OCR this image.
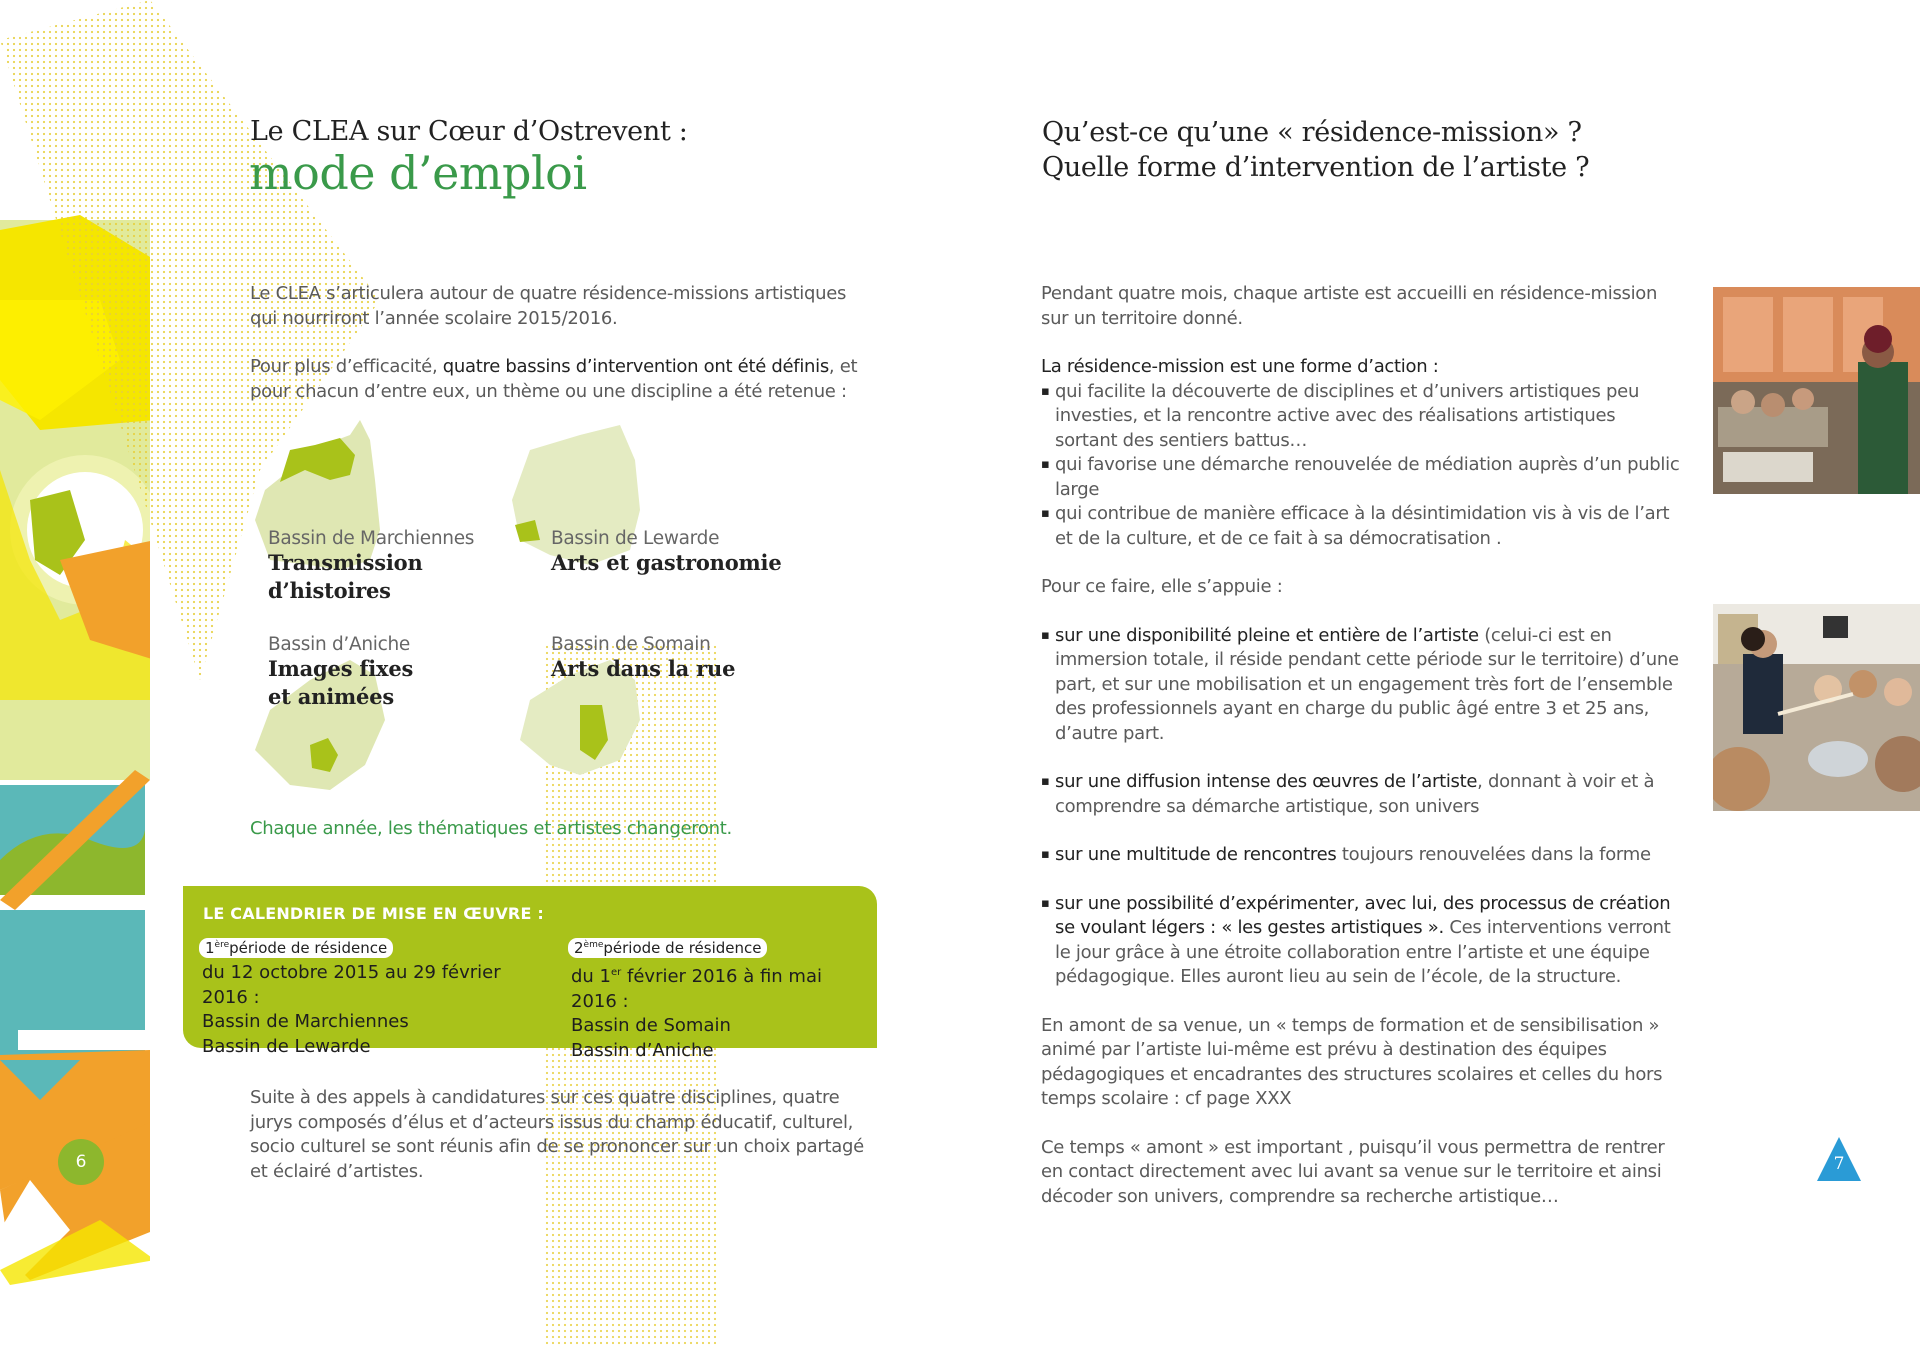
Le CLEA sur Cœur d’Ostrevent :
mode d’emploi
Le CLEA s’articulera autour de quatre résidence-missions artistiques qui nourriront l’année scolaire 2015/2016.
Pour plus d’efficacité, quatre bassins d’intervention ont été définis, et pour chacun d’entre eux, un thème ou une discipline a été retenue :
Bassin de Marchiennes
Transmission
d’histoires
Bassin de Lewarde
Arts et gastronomie
Bassin d’Aniche
Images fixes
et animées
Bassin de Somain
Arts dans la rue
Chaque année, les thématiques et artistes changeront.
LE CALENDRIER DE MISE EN ŒUVRE :
1èrepériode de résidence
du 12 octobre 2015 au 29 février 2016 :
Bassin de Marchiennes
Bassin de Lewarde
2èmepériode de résidence
du 1er février 2016 à fin mai 2016 :
Bassin de Somain
Bassin d’Aniche
Suite à des appels à candidatures sur ces quatre disciplines, quatre jurys composés d’élus et d’acteurs issus du champ éducatif, culturel, socio culturel se sont réunis afin de se prononcer sur un choix partagé et éclairé d’artistes.
6
Qu’est-ce qu’une « résidence-mission» ?
Quelle forme d’intervention de l’artiste ?
Pendant quatre mois, chaque artiste est accueilli en résidence-mission sur un territoire donné.
La résidence-mission est une forme d’action :
▪ qui facilite la découverte de disciplines et d’univers artistiques peu investies, et la rencontre active avec des réalisations artistiques sortant des sentiers battus…
▪ qui favorise une démarche renouvelée de médiation auprès d’un public large
▪ qui contribue de manière efficace à la désintimidation vis à vis de l’art et de la culture, et de ce fait à sa démocratisation .
Pour ce faire, elle s’appuie :
▪ sur une disponibilité pleine et entière de l’artiste (celui-ci est en immersion totale, il réside pendant cette période sur le territoire) d’une part, et sur une mobilisation et un engagement très fort de l’ensemble des professionnels ayant en charge du public âgé entre 3 et 25 ans, d’autre part.
▪ sur une diffusion intense des œuvres de l’artiste, donnant à voir et à comprendre sa démarche artistique, son univers
▪ sur une multitude de rencontres toujours renouvelées dans la forme
▪ sur une possibilité d’expérimenter, avec lui, des processus de création se voulant légers : « les gestes artistiques ». Ces interventions verront le jour grâce à une étroite collaboration entre l’artiste et une équipe pédagogique. Elles auront lieu au sein de l’école, de la structure.
En amont de sa venue, un « temps de formation et de sensibilisation » animé par l’artiste lui-même est prévu à destination des équipes pédagogiques et encadrantes des structures scolaires et celles du hors temps scolaire : cf page XXX
Ce temps « amont » est important , puisqu’il vous permettra de rentrer en contact directement avec lui avant sa venue sur le territoire et ainsi décoder son univers, comprendre sa recherche artistique…
7
